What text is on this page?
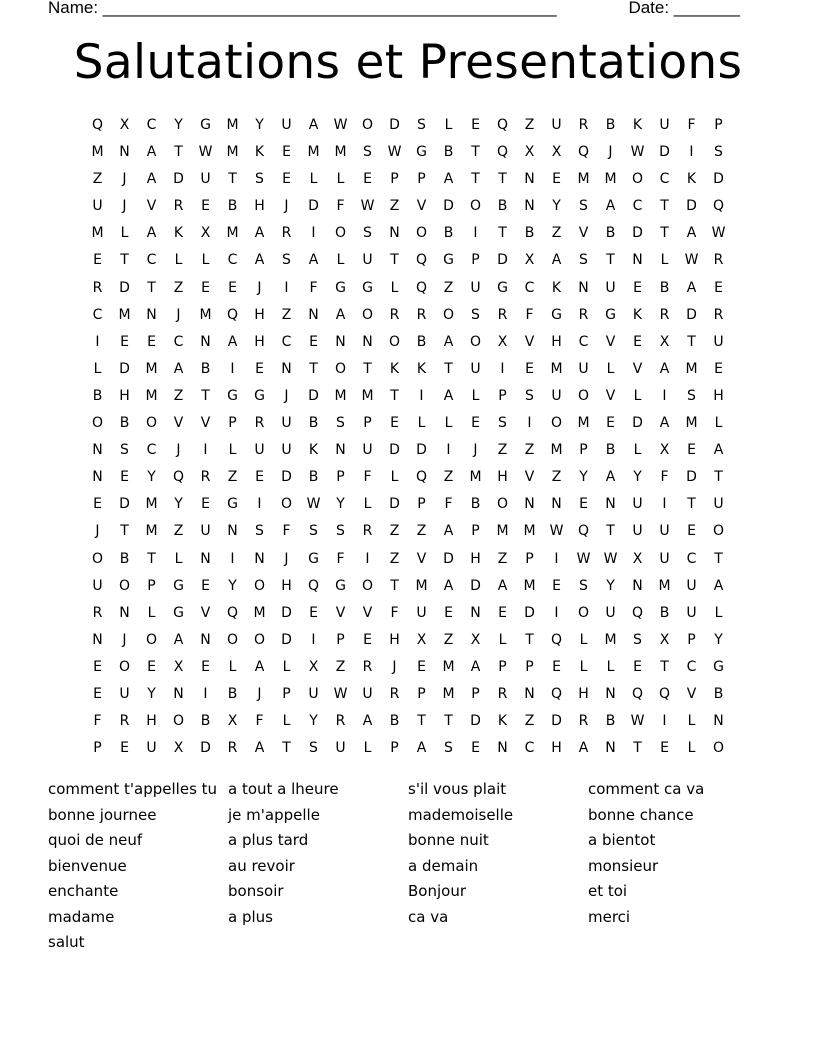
Name: ________________________________________________	Date: _______
Salutations et Presentations
Q	X	C	Y	G	M	Y	U	A	W	O	D	S	L	E	Q	Z	U	R	B	K	U	F	P
M	N	A	T	W	M	K	E	M	M	S	W	G	B	T	Q	X	X	Q	J	W	D	I	S
Z	J	A	D	U	T	S	E	L	L	E	P	P	A	T	T	N	E	M	M	O	C	K	D
U	J	V	R	E	B	H	J	D	F	W	Z	V	D	O	B	N	Y	S	A	C	T	D	Q
M	L	A	K	X	M	A	R	I	O	S	N	O	B	I	T	B	Z	V	B	D	T	A	W
E	T	C	L	L	C	A	S	A	L	U	T	Q	G	P	D	X	A	S	T	N	L	W	R
R	D	T	Z	E	E	J	I	F	G	G	L	Q	Z	U	G	C	K	N	U	E	B	A	E
C	M	N	J	M	Q	H	Z	N	A	O	R	R	O	S	R	F	G	R	G	K	R	D	R
I	E	E	C	N	A	H	C	E	N	N	O	B	A	O	X	V	H	C	V	E	X	T	U
L	D	M	A	B	I	E	N	T	O	T	K	K	T	U	I	E	M	U	L	V	A	M	E
B	H	M	Z	T	G	G	J	D	M	M	T	I	A	L	P	S	U	O	V	L	I	S	H
O	B	O	V	V	P	R	U	B	S	P	E	L	L	E	S	I	O	M	E	D	A	M	L
N	S	C	J	I	L	U	U	K	N	U	D	D	I	J	Z	Z	M	P	B	L	X	E	A
N	E	Y	Q	R	Z	E	D	B	P	F	L	Q	Z	M	H	V	Z	Y	A	Y	F	D	T
E	D	M	Y	E	G	I	O	W	Y	L	D	P	F	B	O	N	N	E	N	U	I	T	U
J	T	M	Z	U	N	S	F	S	S	R	Z	Z	A	P	M	M	W	Q	T	U	U	E	O
O	B	T	L	N	I	N	J	G	F	I	Z	V	D	H	Z	P	I	W W	X	U	C	T
U	O	P	G	E	Y	O	H	Q	G	O	T	M	A	D	A	M	E	S	Y	N	M	U	A
R	N	L	G	V	Q	M	D	E	V	V	F	U	E	N	E	D	I	O	U	Q	B	U	L
N	J	O	A	N	O	O	D	I	P	E	H	X	Z	X	L	T	Q	L	M	S	X	P	Y
E	O	E	X	E	L	A	L	X	Z	R	J	E	M	A	P	P	E	L	L	E	T	C	G
E	U	Y	N	I	B	J	P	U	W	U	R	P	M	P	R	N	Q	H	N	Q	Q	V	B
F	R	H	O	B	X	F	L	Y	R	A	B	T	T	D	K	Z	D	R	B	W	I	L	N
P	E	U	X	D	R	A	T	S	U	L	P	A	S	E	N	C	H	A	N	T	E	L	O
comment t'appelles tu
bonne journee
quoi de neuf
bienvenue
enchante
madame
salut
a tout a lheure
je m'appelle
a plus tard
au revoir
bonsoir
a plus
s'il vous plait
mademoiselle
bonne nuit
a demain
Bonjour
ca va
comment ca va
bonne chance
a bientot
monsieur
et toi
merci
